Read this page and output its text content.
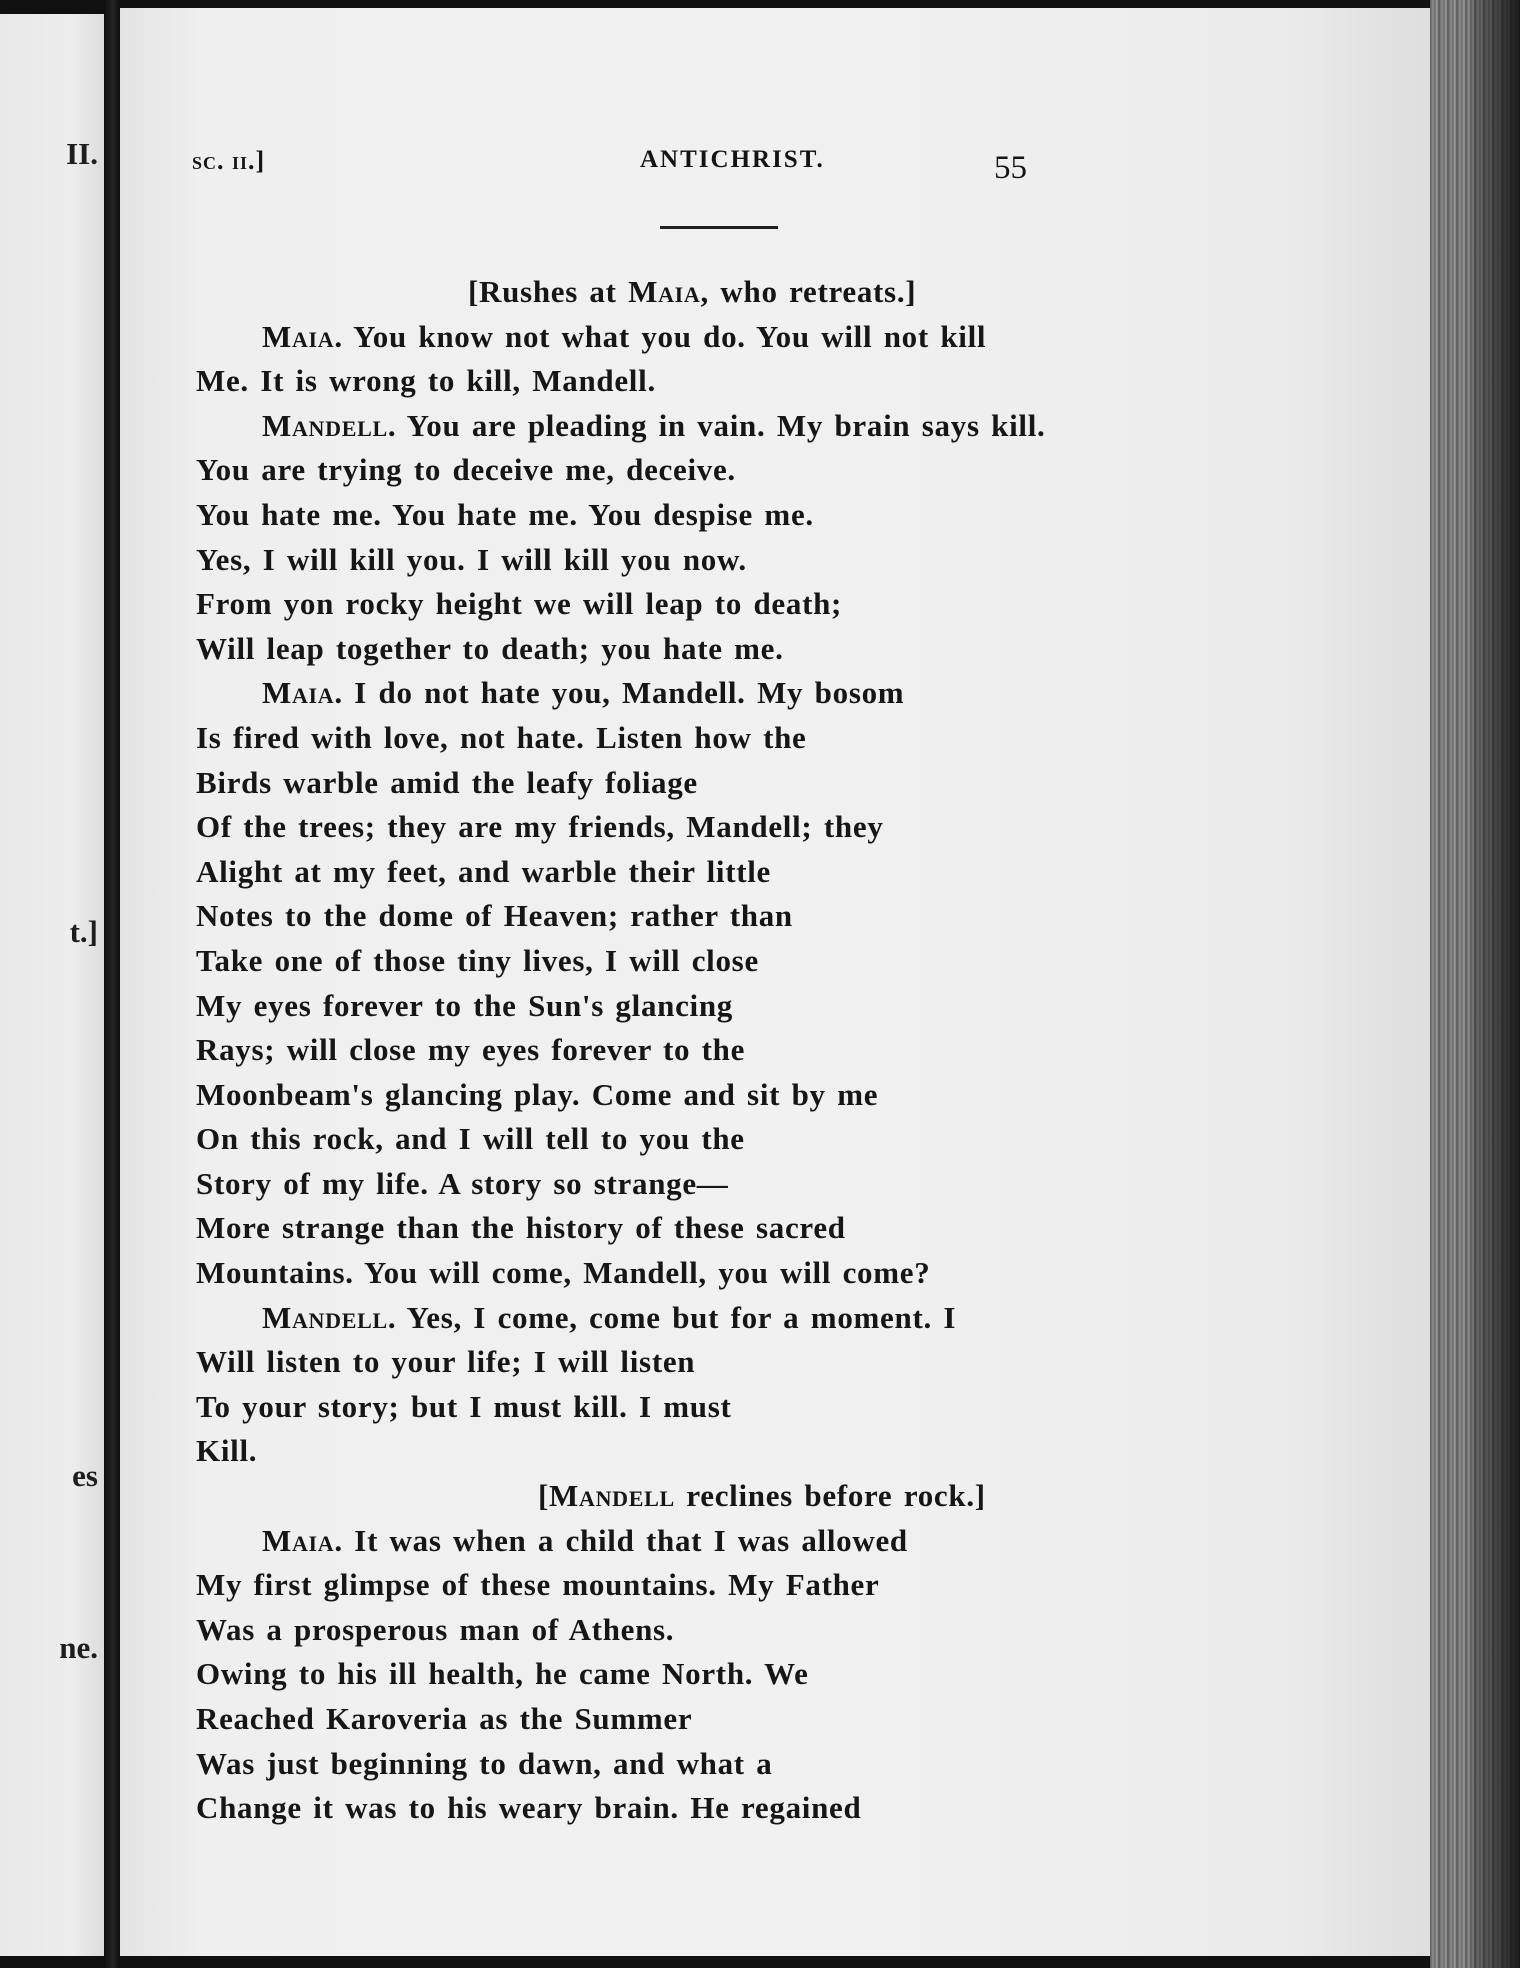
II.
t.]
es
ne.
sc. ii.]	ANTICHRIST.	55
[Rushes at Maia, who retreats.]
Maia. You know not what you do. You will not kill
Me. It is wrong to kill, Mandell.
Mandell. You are pleading in vain. My brain says kill.
You are trying to deceive me, deceive.
You hate me. You hate me. You despise me.
Yes, I will kill you. I will kill you now.
From yon rocky height we will leap to death;
Will leap together to death; you hate me.
Maia. I do not hate you, Mandell. My bosom
Is fired with love, not hate. Listen how the
Birds warble amid the leafy foliage
Of the trees; they are my friends, Mandell; they
Alight at my feet, and warble their little
Notes to the dome of Heaven; rather than
Take one of those tiny lives, I will close
My eyes forever to the Sun's glancing
Rays; will close my eyes forever to the
Moonbeam's glancing play. Come and sit by me
On this rock, and I will tell to you the
Story of my life. A story so strange—
More strange than the history of these sacred
Mountains. You will come, Mandell, you will come?
Mandell. Yes, I come, come but for a moment. I
Will listen to your life; I will listen
To your story; but I must kill. I must
Kill.
[Mandell reclines before rock.]
Maia. It was when a child that I was allowed
My first glimpse of these mountains. My Father
Was a prosperous man of Athens.
Owing to his ill health, he came North. We
Reached Karoveria as the Summer
Was just beginning to dawn, and what a
Change it was to his weary brain. He regained
